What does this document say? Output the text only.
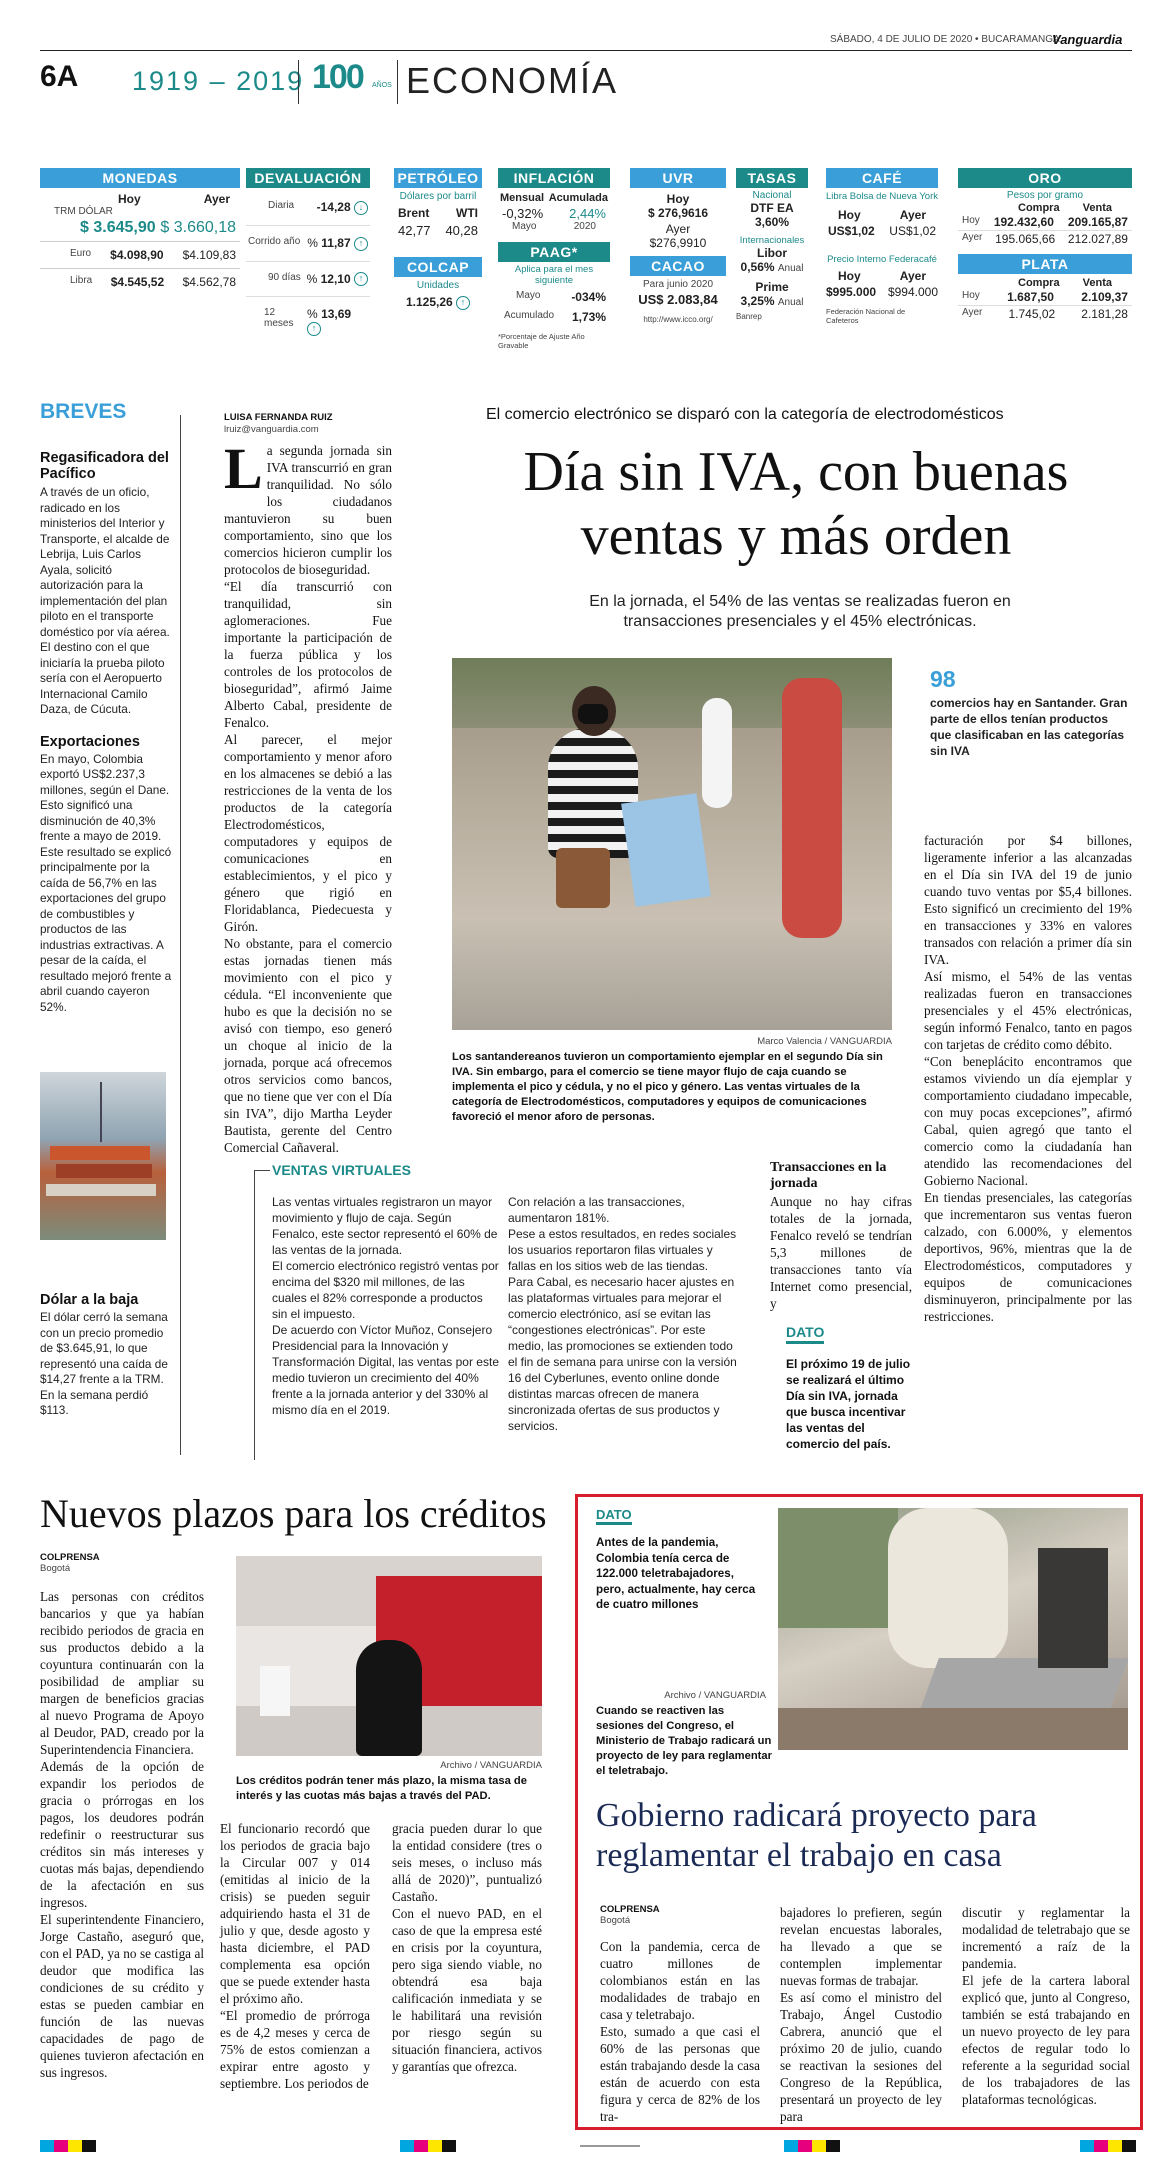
SÁBADO, 4 DE JULIO DE 2020 • BUCARAMANGA
Vanguardia
6A 1919 – 2019 100 AÑOS ECONOMÍA
MONEDAS
Hoy	Ayer
TRM DÓLAR
$ 3.645,90 $ 3.660,18
Euro $4.098,90 $4.109,83
Libra $4.545,52 $4.562,78
DEVALUACIÓN
Diaria -14,28 ↓
Corrido año % 11,87 ↑
90 días % 12,10 ↑
12 meses
% 13,69 ↑
PETRÓLEO
Dólares por barril
Brent WTI
42,77 40,28
COLCAP
Unidades
1.125,26 ↑
INFLACIÓN
Mensual Acumulada
-0,32% 2,44%
Mayo	2020
PAAG*
Aplica para el mes siguiente
Mayo	-034%
Acumulado 1,73%
*Porcentaje de Ajuste Año Gravable
UVR
Hoy
$ 276,9616
Ayer
$276,9910
CACAO
Para junio 2020
US$ 2.083,84
http://www.icco.org/
TASAS
Nacional
DTF EA
3,60%
Internacionales
Libor
0,56% Anual
Prime
3,25% Anual
Banrep
CAFÉ
Libra Bolsa de Nueva York
Hoy	Ayer
US$1,02 US$1,02
Precio Interno Federacafé
Hoy	Ayer
$995.000 $994.000
Federación Nacional de Cafeteros
ORO
Pesos por gramo
Compra Venta
Hoy 192.432,60 209.165,87
Ayer 195.065,66 212.027,89
PLATA
Compra Venta
Hoy 1.687,50 2.109,37
Ayer 1.745,02 2.181,28
BREVES
Regasificadora del Pacífico
A través de un oficio, radicado en los ministerios del Interior y Transporte, el alcalde de Lebrija, Luis Carlos Ayala, solicitó autorización para la implementación del plan piloto en el transporte doméstico por vía aérea. El destino con el que iniciaría la prueba piloto sería con el Aeropuerto Internacional Camilo Daza, de Cúcuta.
Exportaciones
En mayo, Colombia exportó US$2.237,3 millones, según el Dane. Esto significó una disminución de 40,3% frente a mayo de 2019. Este resultado se explicó principalmente por la caída de 56,7% en las exportaciones del grupo de combustibles y productos de las industrias extractivas. A pesar de la caída, el resultado mejoró frente a abril cuando cayeron 52%.
Dólar a la baja
El dólar cerró la semana con un precio promedio de $3.645,91, lo que representó una caída de $14,27 frente a la TRM. En la semana perdió $113.
LUISA FERNANDA RUIZ
lruiz@vanguardia.com
El comercio electrónico se disparó con la categoría de electrodomésticos
Día sin IVA, con buenas
ventas y más orden
En la jornada, el 54% de las ventas se realizadas fueron en
transacciones presenciales y el 45% electrónicas.
L a segunda jornada sin IVA transcurrió en gran tranquilidad. No sólo los ciudadanos mantuvieron su buen comportamiento, sino que los comercios hicieron cumplir los protocolos de bioseguridad.
“El día transcurrió con tranquilidad, sin aglomeraciones. Fue importante la participación de la fuerza pública y los controles de los protocolos de bioseguridad”, afirmó Jaime Alberto Cabal, presidente de Fenalco.
Al parecer, el mejor comportamiento y menor aforo en los almacenes se debió a las restricciones de la venta de los productos de la categoría Electrodomésticos, computadores y equipos de comunicaciones en establecimientos, y el pico y género que rigió en Floridablanca, Piedecuesta y Girón.
No obstante, para el comercio estas jornadas tienen más movimiento con el pico y cédula. “El inconveniente que hubo es que la decisión no se avisó con tiempo, eso generó un choque al inicio de la jornada, porque acá ofrecemos otros servicios como bancos, que no tiene que ver con el Día sin IVA”, dijo Martha Leyder Bautista, gerente del Centro Comercial Cañaveral.
Marco Valencia / VANGUARDIA
Los santandereanos tuvieron un comportamiento ejemplar en el segundo Día sin IVA. Sin embargo, para el comercio se tiene mayor flujo de caja cuando se implementa el pico y cédula, y no el pico y género. Las ventas virtuales de la categoría de Electrodomésticos, computadores y equipos de comunicaciones favoreció el menor aforo de personas.
98
comercios hay en Santander. Gran parte de ellos tenían productos que clasificaban en las categorías sin IVA
facturación por $4 billones, ligeramente inferior a las alcanzadas en el Día sin IVA del 19 de junio cuando tuvo ventas por $5,4 billones. Esto significó un crecimiento del 19% en transacciones y 33% en valores transados con relación a primer día sin IVA.
Así mismo, el 54% de las ventas realizadas fueron en transacciones presenciales y el 45% electrónicas, según informó Fenalco, tanto en pagos con tarjetas de crédito como débito.
“Con beneplácito encontramos que estamos viviendo un día ejemplar y comportamiento ciudadano impecable, con muy pocas excepciones”, afirmó Cabal, quien agregó que tanto el comercio como la ciudadanía han atendido las recomendaciones del Gobierno Nacional.
En tiendas presenciales, las categorías que incrementaron sus ventas fueron calzado, con 6.000%, y elementos deportivos, 96%, mientras que la de Electrodomésticos, computadores y equipos de comunicaciones disminuyeron, principalmente por las restricciones.
Transacciones en la jornada
Aunque no hay cifras totales de la jornada, Fenalco reveló se tendrían 5,3 millones de transacciones tanto vía Internet como presencial, y
DATO
El próximo 19 de julio se realizará el último Día sin IVA, jornada que busca incentivar las ventas del comercio del país.
VENTAS VIRTUALES
Las ventas virtuales registraron un mayor movimiento y flujo de caja. Según Fenalco, este sector representó el 60% de las ventas de la jornada.
El comercio electrónico registró ventas por encima del $320 mil millones, de las cuales el 82% corresponde a productos sin el impuesto.
De acuerdo con Víctor Muñoz, Consejero Presidencial para la Innovación y Transformación Digital, las ventas por este medio tuvieron un crecimiento del 40% frente a la jornada anterior y del 330% al mismo día en el 2019.
Con relación a las transacciones, aumentaron 181%.
Pese a estos resultados, en redes sociales los usuarios reportaron filas virtuales y fallas en los sitios web de las tiendas.
Para Cabal, es necesario hacer ajustes en las plataformas virtuales para mejorar el comercio electrónico, así se evitan las “congestiones electrónicas”. Por este medio, las promociones se extienden todo el fin de semana para unirse con la versión 16 del Cyberlunes, evento online donde distintas marcas ofrecen de manera sincronizada ofertas de sus productos y servicios.
Nuevos plazos para los créditos
COLPRENSA
Bogotá
Las personas con créditos bancarios y que ya habían recibido periodos de gracia en sus productos debido a la coyuntura continuarán con la posibilidad de ampliar su margen de beneficios gracias al nuevo Programa de Apoyo al Deudor, PAD, creado por la Superintendencia Financiera.
Además de la opción de expandir los periodos de gracia o prórrogas en los pagos, los deudores podrán redefinir o reestructurar sus créditos sin más intereses y cuotas más bajas, dependiendo de la afectación en sus ingresos.
El superintendente Financiero, Jorge Castaño, aseguró que, con el PAD, ya no se castiga al deudor que modifica las condiciones de su crédito y estas se pueden cambiar en función de las nuevas capacidades de pago de quienes tuvieron afectación en sus ingresos.
Archivo / VANGUARDIA
Los créditos podrán tener más plazo, la misma tasa de interés y las cuotas más bajas a través del PAD.
El funcionario recordó que los periodos de gracia bajo la Circular 007 y 014 (emitidas al inicio de la crisis) se pueden seguir adquiriendo hasta el 31 de julio y que, desde agosto y hasta diciembre, el PAD complementa esa opción que se puede extender hasta el próximo año.
“El promedio de prórroga es de 4,2 meses y cerca de 75% de estos comienzan a expirar entre agosto y septiembre. Los periodos de
gracia pueden durar lo que la entidad considere (tres o seis meses, o incluso más allá de 2020)”, puntualizó Castaño.
Con el nuevo PAD, en el caso de que la empresa esté en crisis por la coyuntura, pero siga siendo viable, no obtendrá esa baja calificación inmediata y se le habilitará una revisión por riesgo según su situación financiera, activos y garantías que ofrezca.
DATO
Antes de la pandemia, Colombia tenía cerca de 122.000 teletrabajadores, pero, actualmente, hay cerca de cuatro millones
Archivo / VANGUARDIA
Cuando se reactiven las sesiones del Congreso, el Ministerio de Trabajo radicará un proyecto de ley para reglamentar el teletrabajo.
Gobierno radicará proyecto para
reglamentar el trabajo en casa
COLPRENSA
Bogotá
Con la pandemia, cerca de cuatro millones de colombianos están en las modalidades de trabajo en casa y teletrabajo.
Esto, sumado a que casi el 60% de las personas que están trabajando desde la casa están de acuerdo con esta figura y cerca de 82% de los tra-
bajadores lo prefieren, según revelan encuestas laborales, ha llevado a que se contemplen implementar nuevas formas de trabajar.
Es así como el ministro del Trabajo, Ángel Custodio Cabrera, anunció que el próximo 20 de julio, cuando se reactivan la sesiones del Congreso de la República, presentará un proyecto de ley para
discutir y reglamentar la modalidad de teletrabajo que se incrementó a raíz de la pandemia.
El jefe de la cartera laboral explicó que, junto al Congreso, también se está trabajando en un nuevo proyecto de ley para efectos de regular todo lo referente a la seguridad social de los trabajadores de las plataformas tecnológicas.
